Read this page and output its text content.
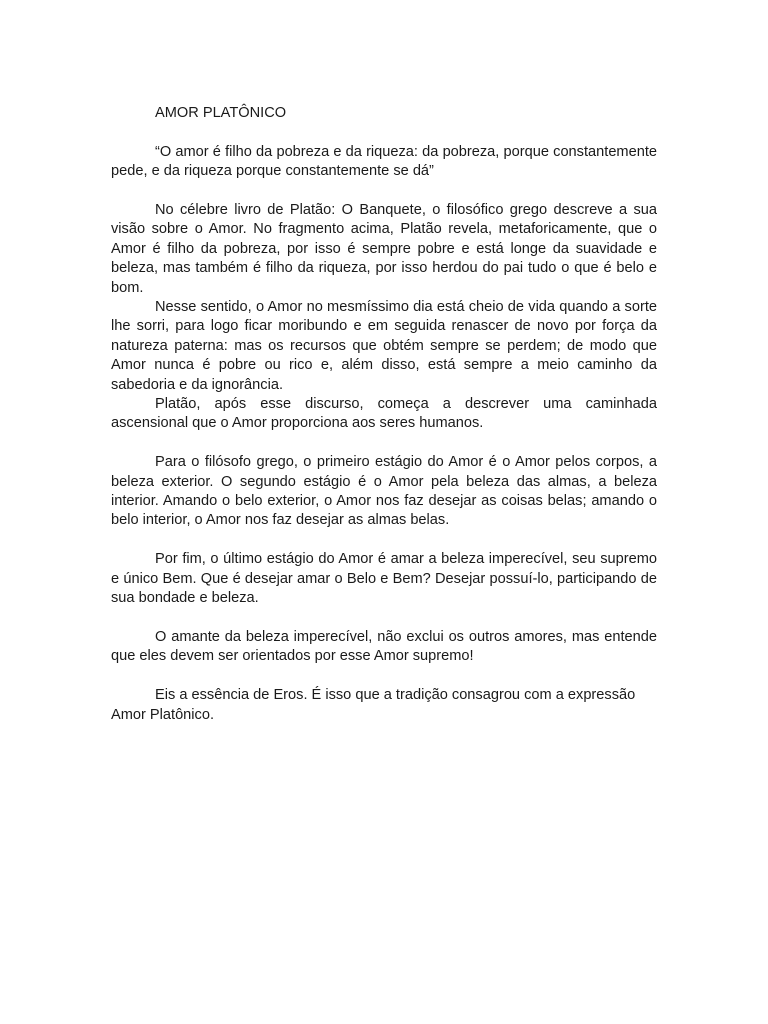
AMOR PLATÔNICO

“O amor é filho da pobreza e da riqueza: da pobreza, porque constantemente pede, e da riqueza porque constantemente se dá”

No célebre livro de Platão: O Banquete, o filosófico grego descreve a sua visão sobre o Amor. No fragmento acima, Platão revela, metaforicamente, que o Amor é filho da pobreza, por isso é sempre pobre e está longe da suavidade e beleza, mas também é filho da riqueza, por isso herdou do pai tudo o que é belo e bom.

Nesse sentido, o Amor no mesmíssimo dia está cheio de vida quando a sorte lhe sorri, para logo ficar moribundo e em seguida renascer de novo por força da natureza paterna: mas os recursos que obtém sempre se perdem; de modo que Amor nunca é pobre ou rico e, além disso, está sempre a meio caminho da sabedoria e da ignorância.

Platão, após esse discurso, começa a descrever uma caminhada ascensional que o Amor proporciona aos seres humanos.

Para o filósofo grego, o primeiro estágio do Amor é o Amor pelos corpos, a beleza exterior. O segundo estágio é o Amor pela beleza das almas, a beleza interior. Amando o belo exterior, o Amor nos faz desejar as coisas belas; amando o belo interior, o Amor nos faz desejar as almas belas.

Por fim, o último estágio do Amor é amar a beleza imperecível, seu supremo e único Bem. Que é desejar amar o Belo e Bem? Desejar possuí-lo, participando de sua bondade e beleza.

O amante da beleza imperecível, não exclui os outros amores, mas entende que eles devem ser orientados por esse Amor supremo!

Eis a essência de Eros. É isso que a tradição consagrou com a expressão Amor Platônico.
